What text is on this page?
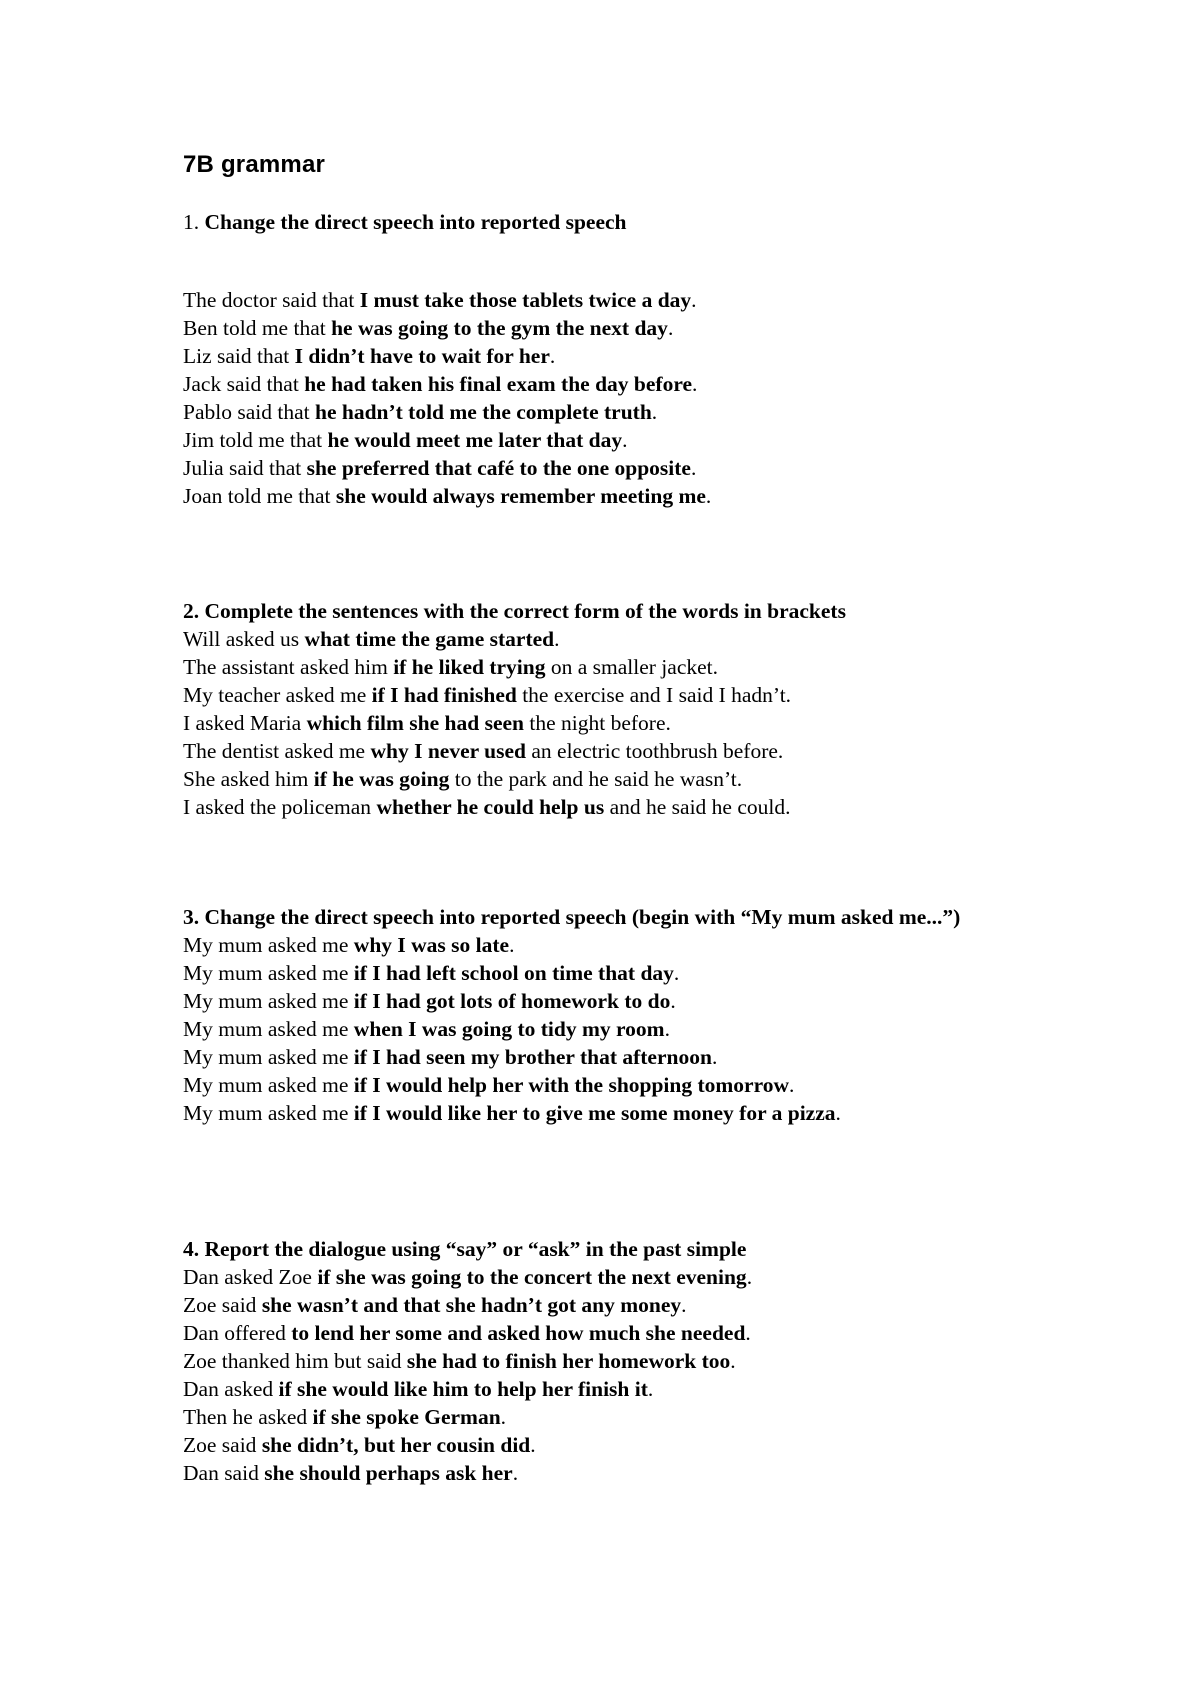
7B grammar

1. Change the direct speech into reported speech

The doctor said that I must take those tablets twice a day.
Ben told me that he was going to the gym the next day.
Liz said that I didn’t have to wait for her.
Jack said that he had taken his final exam the day before.
Pablo said that he hadn’t told me the complete truth.
Jim told me that he would meet me later that day.
Julia said that she preferred that café to the one opposite.
Joan told me that she would always remember meeting me.

2. Complete the sentences with the correct form of the words in brackets

Will asked us what time the game started.
The assistant asked him if he liked trying on a smaller jacket.
My teacher asked me if I had finished the exercise and I said I hadn’t.
I asked Maria which film she had seen the night before.
The dentist asked me why I never used an electric toothbrush before.
She asked him if he was going to the park and he said he wasn’t.
I asked the policeman whether he could help us and he said he could.

3. Change the direct speech into reported speech (begin with “My mum asked me...”)

My mum asked me why I was so late.
My mum asked me if I had left school on time that day.
My mum asked me if I had got lots of homework to do.
My mum asked me when I was going to tidy my room.
My mum asked me if I had seen my brother that afternoon.
My mum asked me if I would help her with the shopping tomorrow.
My mum asked me if I would like her to give me some money for a pizza.

4. Report the dialogue using “say” or “ask” in the past simple

Dan asked Zoe if she was going to the concert the next evening.
Zoe said she wasn’t and that she hadn’t got any money.
Dan offered to lend her some and asked how much she needed.
Zoe thanked him but said she had to finish her homework too.
Dan asked if she would like him to help her finish it.
Then he asked if she spoke German.
Zoe said she didn’t, but her cousin did.
Dan said she should perhaps ask her.
